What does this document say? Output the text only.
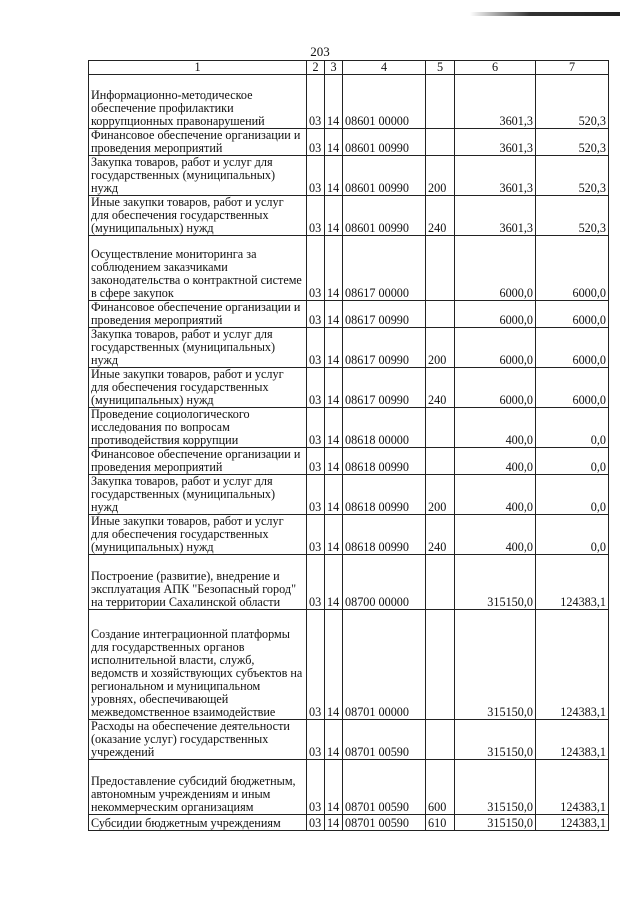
203
1	2	3	4	5	6	7
Информационно-методическое обеспечение профилактики коррупционных правонарушений	03	14	08601 00000		3601,3	520,3
Финансовое обеспечение организации и проведения мероприятий	03	14	08601 00990		3601,3	520,3
Закупка товаров, работ и услуг для государственных (муниципальных) нужд	03	14	08601 00990	200	3601,3	520,3
Иные закупки товаров, работ и услуг для обеспечения государственных (муниципальных) нужд	03	14	08601 00990	240	3601,3	520,3
Осуществление мониторинга за соблюдением заказчиками законодательства о контрактной системе в сфере закупок	03	14	08617 00000		6000,0	6000,0
Финансовое обеспечение организации и проведения мероприятий	03	14	08617 00990		6000,0	6000,0
Закупка товаров, работ и услуг для государственных (муниципальных) нужд	03	14	08617 00990	200	6000,0	6000,0
Иные закупки товаров, работ и услуг для обеспечения государственных (муниципальных) нужд	03	14	08617 00990	240	6000,0	6000,0
Проведение социологического исследования по вопросам противодействия коррупции	03	14	08618 00000		400,0	0,0
Финансовое обеспечение организации и проведения мероприятий	03	14	08618 00990		400,0	0,0
Закупка товаров, работ и услуг для государственных (муниципальных) нужд	03	14	08618 00990	200	400,0	0,0
Иные закупки товаров, работ и услуг для обеспечения государственных (муниципальных) нужд	03	14	08618 00990	240	400,0	0,0
Построение (развитие), внедрение и эксплуатация АПК "Безопасный город" на территории Сахалинской области	03	14	08700 00000		315150,0	124383,1
Создание интеграционной платформы для государственных органов исполнительной власти, служб, ведомств и хозяйствующих субъектов на региональном и муниципальном уровнях, обеспечивающей межведомственное взаимодействие	03	14	08701 00000		315150,0	124383,1
Расходы на обеспечение деятельности (оказание услуг) государственных учреждений	03	14	08701 00590		315150,0	124383,1
Предоставление субсидий бюджетным, автономным учреждениям и иным некоммерческим организациям	03	14	08701 00590	600	315150,0	124383,1
Субсидии бюджетным учреждениям	03	14	08701 00590	610	315150,0	124383,1
